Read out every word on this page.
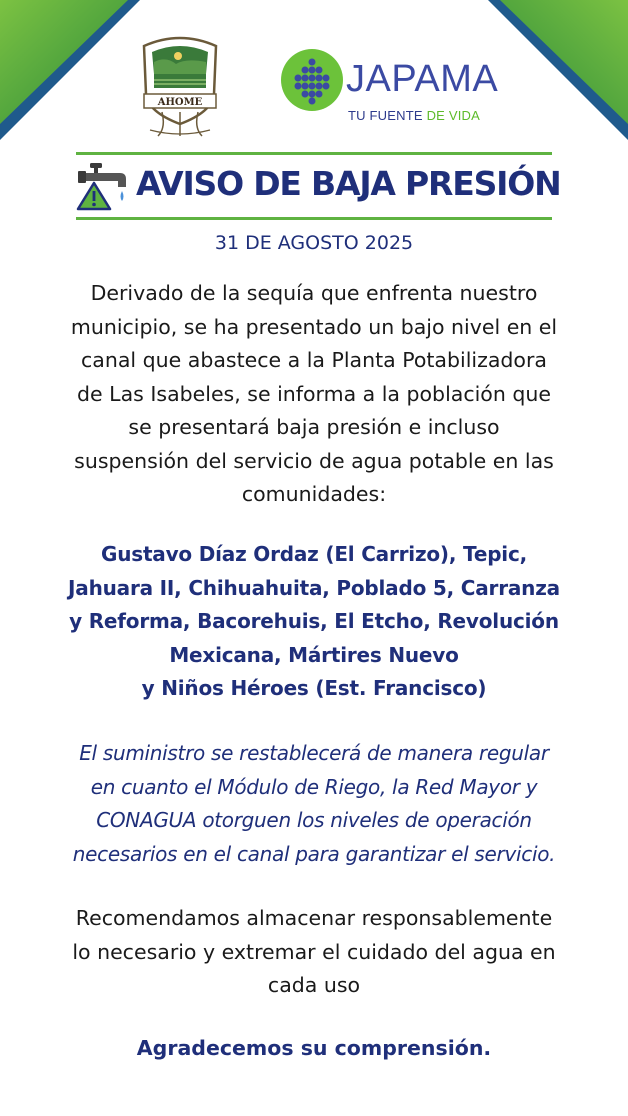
AHOME
JAPAMA
TU FUENTE DE VIDA
AVISO DE BAJA PRESIÓN
31 DE AGOSTO 2025
Derivado de la sequía que enfrenta nuestro
municipio, se ha presentado un bajo nivel en el
canal que abastece a la Planta Potabilizadora
de Las Isabeles, se informa a la población que
se presentará baja presión e incluso
suspensión del servicio de agua potable en las
comunidades:
Gustavo Díaz Ordaz (El Carrizo), Tepic,
Jahuara II, Chihuahuita, Poblado 5, Carranza
y Reforma, Bacorehuis, El Etcho, Revolución
Mexicana, Mártires Nuevo
y Niños Héroes (Est. Francisco)
El suministro se restablecerá de manera regular
en cuanto el Módulo de Riego, la Red Mayor y
CONAGUA otorguen los niveles de operación
necesarios en el canal para garantizar el servicio.
Recomendamos almacenar responsablemente
lo necesario y extremar el cuidado del agua en
cada uso
Agradecemos su comprensión.
